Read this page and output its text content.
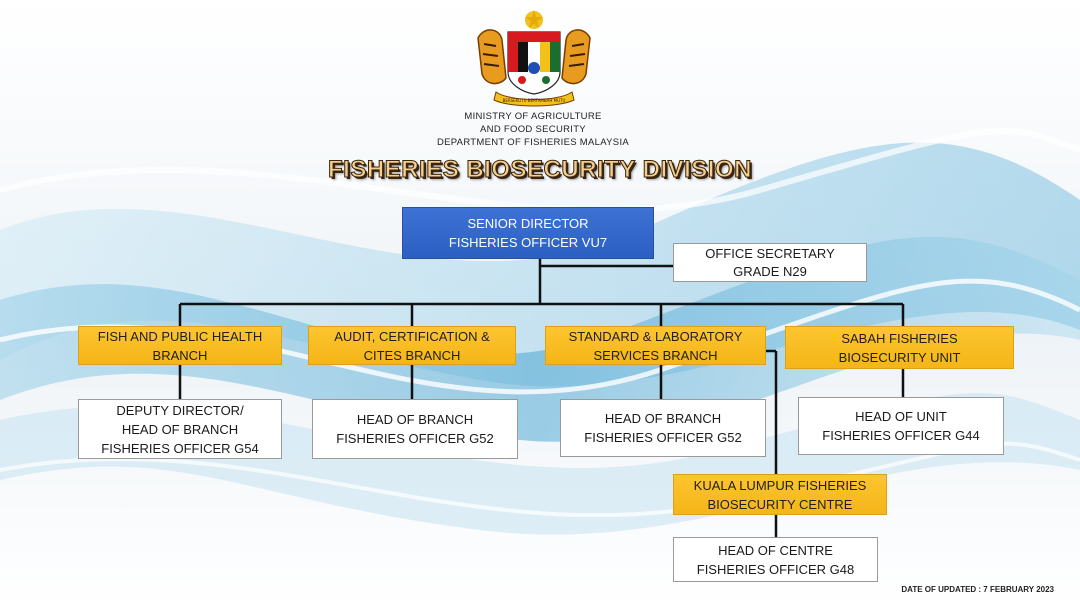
BERSEKUTU BERTAMBAH MUTU
MINISTRY OF AGRICULTURE
AND FOOD SECURITY
DEPARTMENT OF FISHERIES MALAYSIA
FISHERIES BIOSECURITY DIVISION
SENIOR DIRECTOR
FISHERIES OFFICER VU7
OFFICE SECRETARY
GRADE N29
FISH AND PUBLIC HEALTH
BRANCH
AUDIT, CERTIFICATION &
CITES BRANCH
STANDARD & LABORATORY
SERVICES BRANCH
SABAH FISHERIES
BIOSECURITY UNIT
DEPUTY DIRECTOR/
HEAD OF BRANCH
FISHERIES OFFICER G54
HEAD OF BRANCH
FISHERIES OFFICER G52
HEAD OF BRANCH
FISHERIES OFFICER G52
HEAD OF UNIT
FISHERIES OFFICER G44
KUALA LUMPUR FISHERIES
BIOSECURITY CENTRE
HEAD OF CENTRE
FISHERIES OFFICER G48
DATE OF UPDATED : 7 FEBRUARY 2023
